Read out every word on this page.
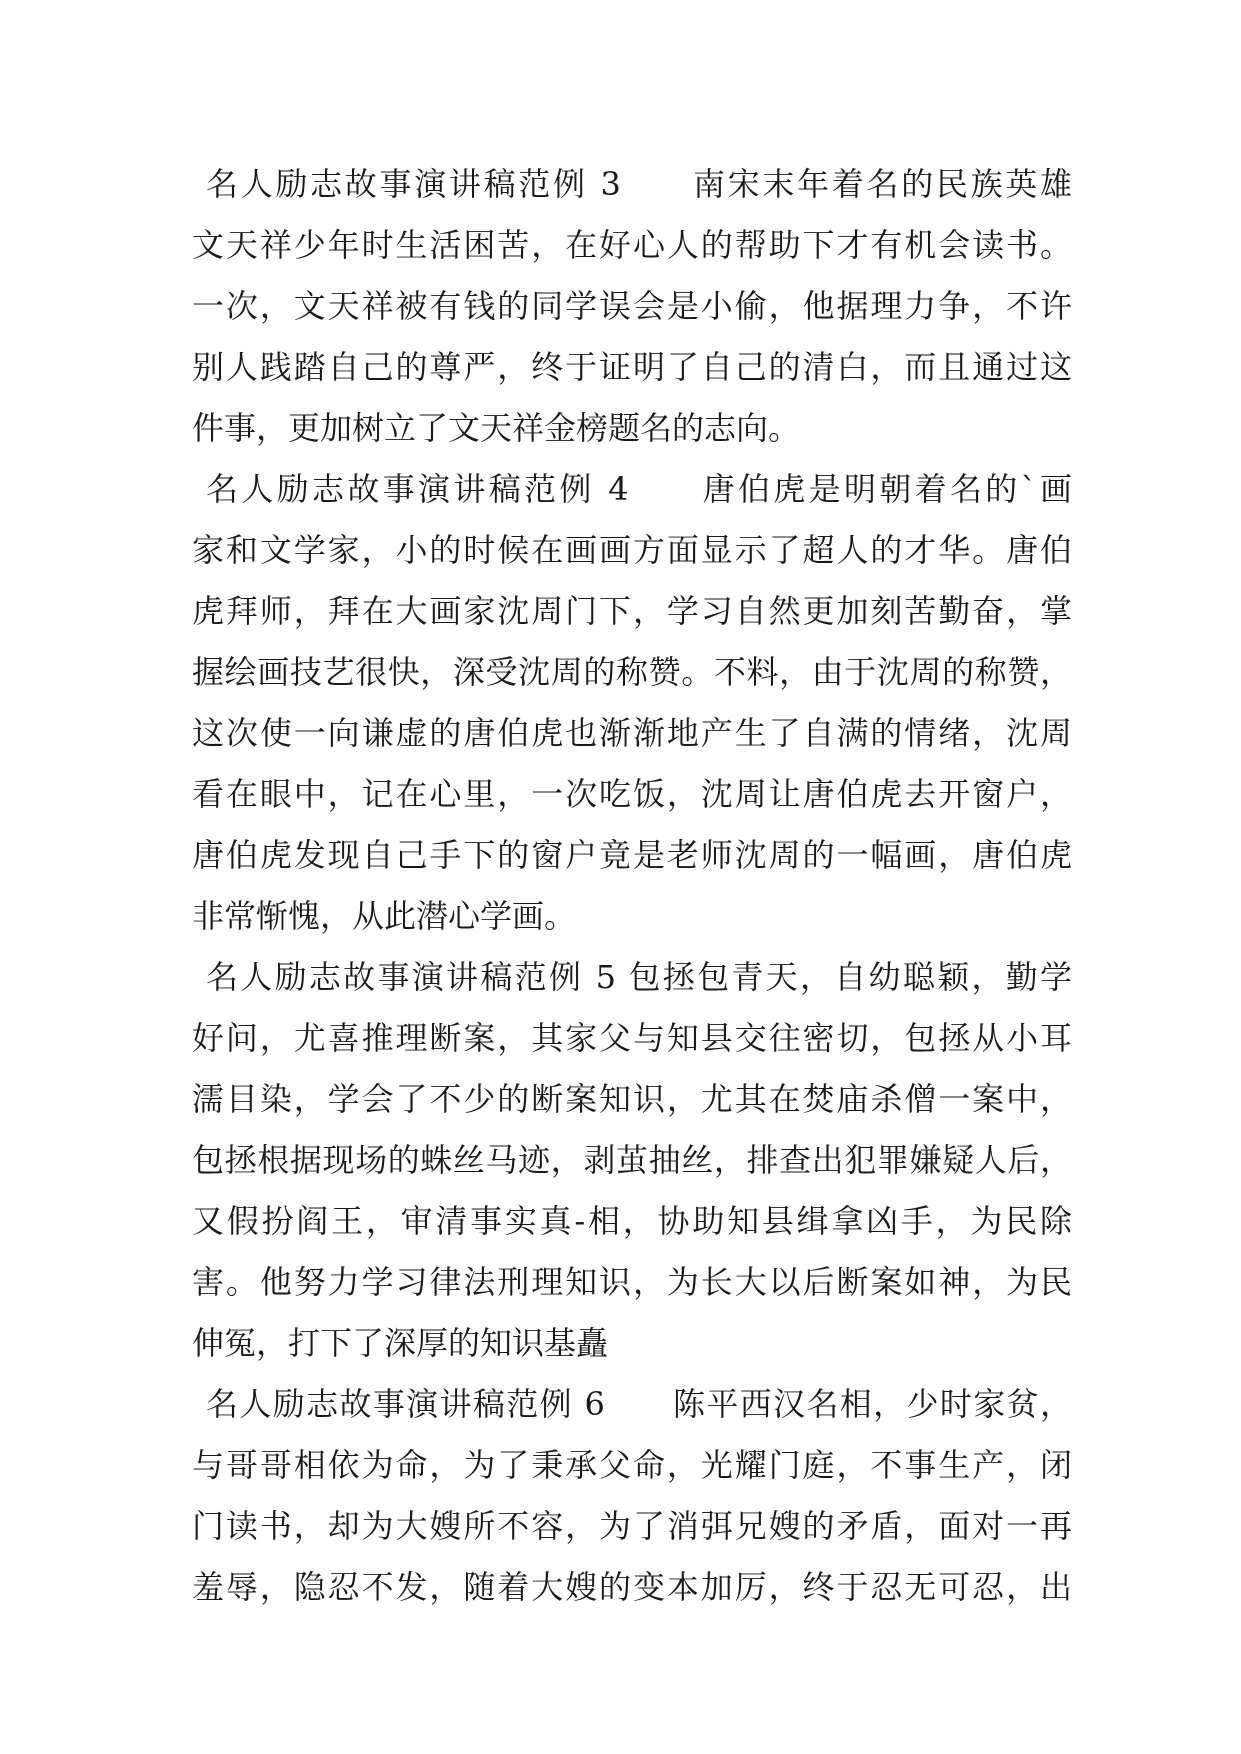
名人励志故事演讲稿范例 3　　南宋末年着名的民族英雄
文天祥少年时生活困苦，在好心人的帮助下才有机会读书。
一次，文天祥被有钱的同学误会是小偷，他据理力争，不许
别人践踏自己的尊严，终于证明了自己的清白，而且通过这
件事，更加树立了文天祥金榜题名的志向。
名人励志故事演讲稿范例 4　　唐伯虎是明朝着名的`画
家和文学家，小的时候在画画方面显示了超人的才华。唐伯
虎拜师，拜在大画家沈周门下，学习自然更加刻苦勤奋，掌
握绘画技艺很快，深受沈周的称赞。不料，由于沈周的称赞，
这次使一向谦虚的唐伯虎也渐渐地产生了自满的情绪，沈周
看在眼中，记在心里，一次吃饭，沈周让唐伯虎去开窗户，
唐伯虎发现自己手下的窗户竟是老师沈周的一幅画，唐伯虎
非常惭愧，从此潜心学画。
名人励志故事演讲稿范例 5 包拯包青天，自幼聪颖，勤学
好问，尤喜推理断案，其家父与知县交往密切，包拯从小耳
濡目染，学会了不少的断案知识，尤其在焚庙杀僧一案中，
包拯根据现场的蛛丝马迹，剥茧抽丝，排查出犯罪嫌疑人后，
又假扮阎王，审清事实真-相，协助知县缉拿凶手，为民除
害。他努力学习律法刑理知识，为长大以后断案如神，为民
伸冤，打下了深厚的知识基矗
名人励志故事演讲稿范例 6　　陈平西汉名相，少时家贫，
与哥哥相依为命，为了秉承父命，光耀门庭，不事生产，闭
门读书，却为大嫂所不容，为了消弭兄嫂的矛盾，面对一再
羞辱，隐忍不发，随着大嫂的变本加厉，终于忍无可忍，出
